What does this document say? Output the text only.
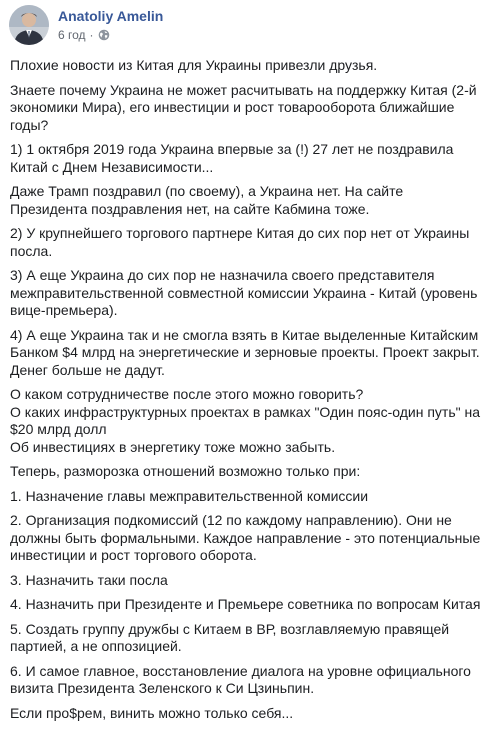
Anatoliy Amelin
6 год ·

Плохие новости из Китая для Украины привезли друзья.

Знаете почему Украина не может расчитывать на поддержку Китая (2-й экономики Мира), его инвестиции и рост товарооборота ближайшие годы?

1) 1 октября 2019 года Украина впервые за (!) 27 лет не поздравила Китай с Днем Независимости...

Даже Трамп поздравил (по своему), а Украина нет. На сайте Президента поздравления нет, на сайте Кабмина тоже.

2) У крупнейшего торгового партнере Китая до сих пор нет от Украины посла.

3) А еще Украина до сих пор не назначила своего представителя межправительственной совместной комиссии Украина - Китай (уровень вице-премьера).

4) А еще Украина так и не смогла взять в Китае выделенные Китайским Банком $4 млрд на энергетические и зерновые проекты. Проект закрыт. Денег больше не дадут.

О каком сотрудничестве после этого можно говорить?
О каких инфраструктурных проектах в рамках "Один пояс-один путь" на $20 млрд долл
Об инвестициях в энергетику тоже можно забыть.

Теперь, разморозка отношений возможно только при:

1. Назначение главы межправительственной комиссии

2. Организация подкомиссий (12 по каждому направлению). Они не должны быть формальными. Каждое направление - это потенциальные инвестиции и рост торгового оборота.

3. Назначить таки посла

4. Назначить при Президенте и Премьере советника по вопросам Китая

5. Создать группу дружбы с Китаем в ВР, возглавляемую правящей партией, а не оппозицией.

6. И самое главное, восстановление диалога на уровне официального визита Президента Зеленского к Си Цзиньпин.

Если про$рем, винить можно только себя...
